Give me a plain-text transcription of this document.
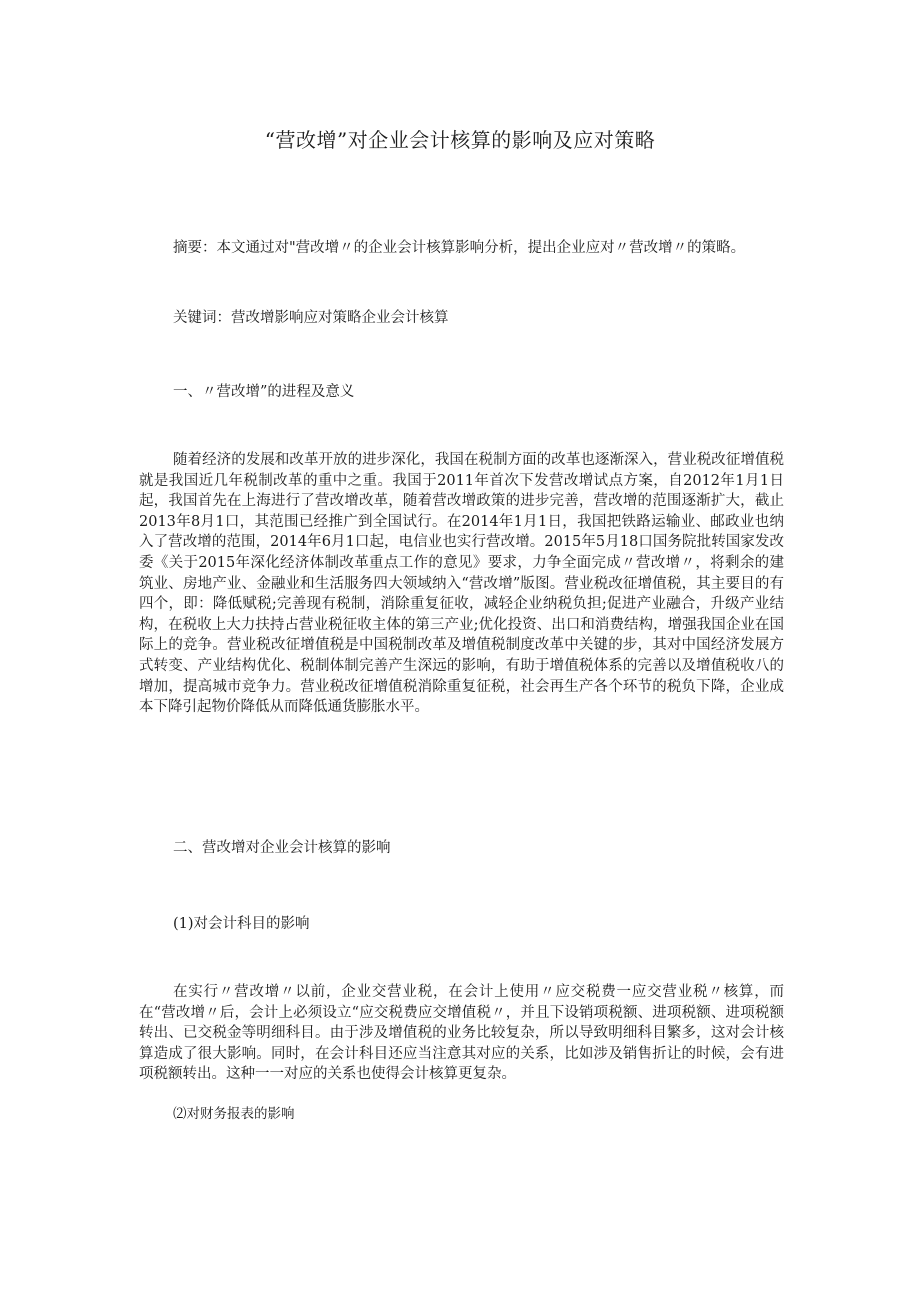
“营改增”对企业会计核算的影响及应对策略
摘要：本文通过对"营改增〃的企业会计核算影响分析，提出企业应对〃营改增〃的策略。
关键词：营改增影响应对策略企业会计核算
一、〃营改增”的进程及意义

随着经济的发展和改革开放的进步深化，我国在税制方面的改革也逐渐深入，营业税改征增值税就是我国近几年税制改革的重中之重。我国于2011年首次下发营改增试点方案，自2012年1月1日起，我国首先在上海进行了营改增改革，随着营改增政策的进步完善，营改增的范围逐渐扩大，截止2013年8月1口，其范围已经推广到全国试行。在2014年1月1日，我国把铁路运输业、邮政业也纳入了营改增的范围，2014年6月1口起，电信业也实行营改增。2015年5月18口国务院批转国家发改委《关于2015年深化经济体制改革重点工作的意见》要求，力争全面完成〃营改增〃，将剩余的建筑业、房地产业、金融业和生活服务四大领域纳入“营改增”版图。营业税改征增值税，其主要目的有四个，即：降低赋税;完善现有税制，消除重复征收，减轻企业纳税负担;促进产业融合，升级产业结构，在税收上大力扶持占营业税征收主体的第三产业;优化投资、出口和消费结构，增强我国企业在国际上的竞争。营业税改征增值税是中国税制改革及增值税制度改革中关键的步，其对中国经济发展方式转变、产业结构优化、税制体制完善产生深远的影响，有助于增值税体系的完善以及增值税收八的增加，提高城市竞争力。营业税改征增值税消除重复征税，社会再生产各个环节的税负下降，企业成本下降引起物价降低从而降低通货膨胀水平。

二、营改增对企业会计核算的影响
(1)对会计科目的影响

在实行〃营改增〃以前，企业交营业税，在会计上使用〃应交税费一应交营业税〃核算，而在“营改增〃后，会计上必须设立“应交税费应交增值税〃，并且下设销项税额、进项税额、进项税额转出、已交税金等明细科目。由于涉及增值税的业务比较复杂，所以导致明细科目繁多，这对会计核算造成了很大影响。同时，在会计科目还应当注意其对应的关系，比如涉及销售折让的时候，会有进项税额转出。这种一一对应的关系也使得会计核算更复杂。

⑵对财务报表的影响
